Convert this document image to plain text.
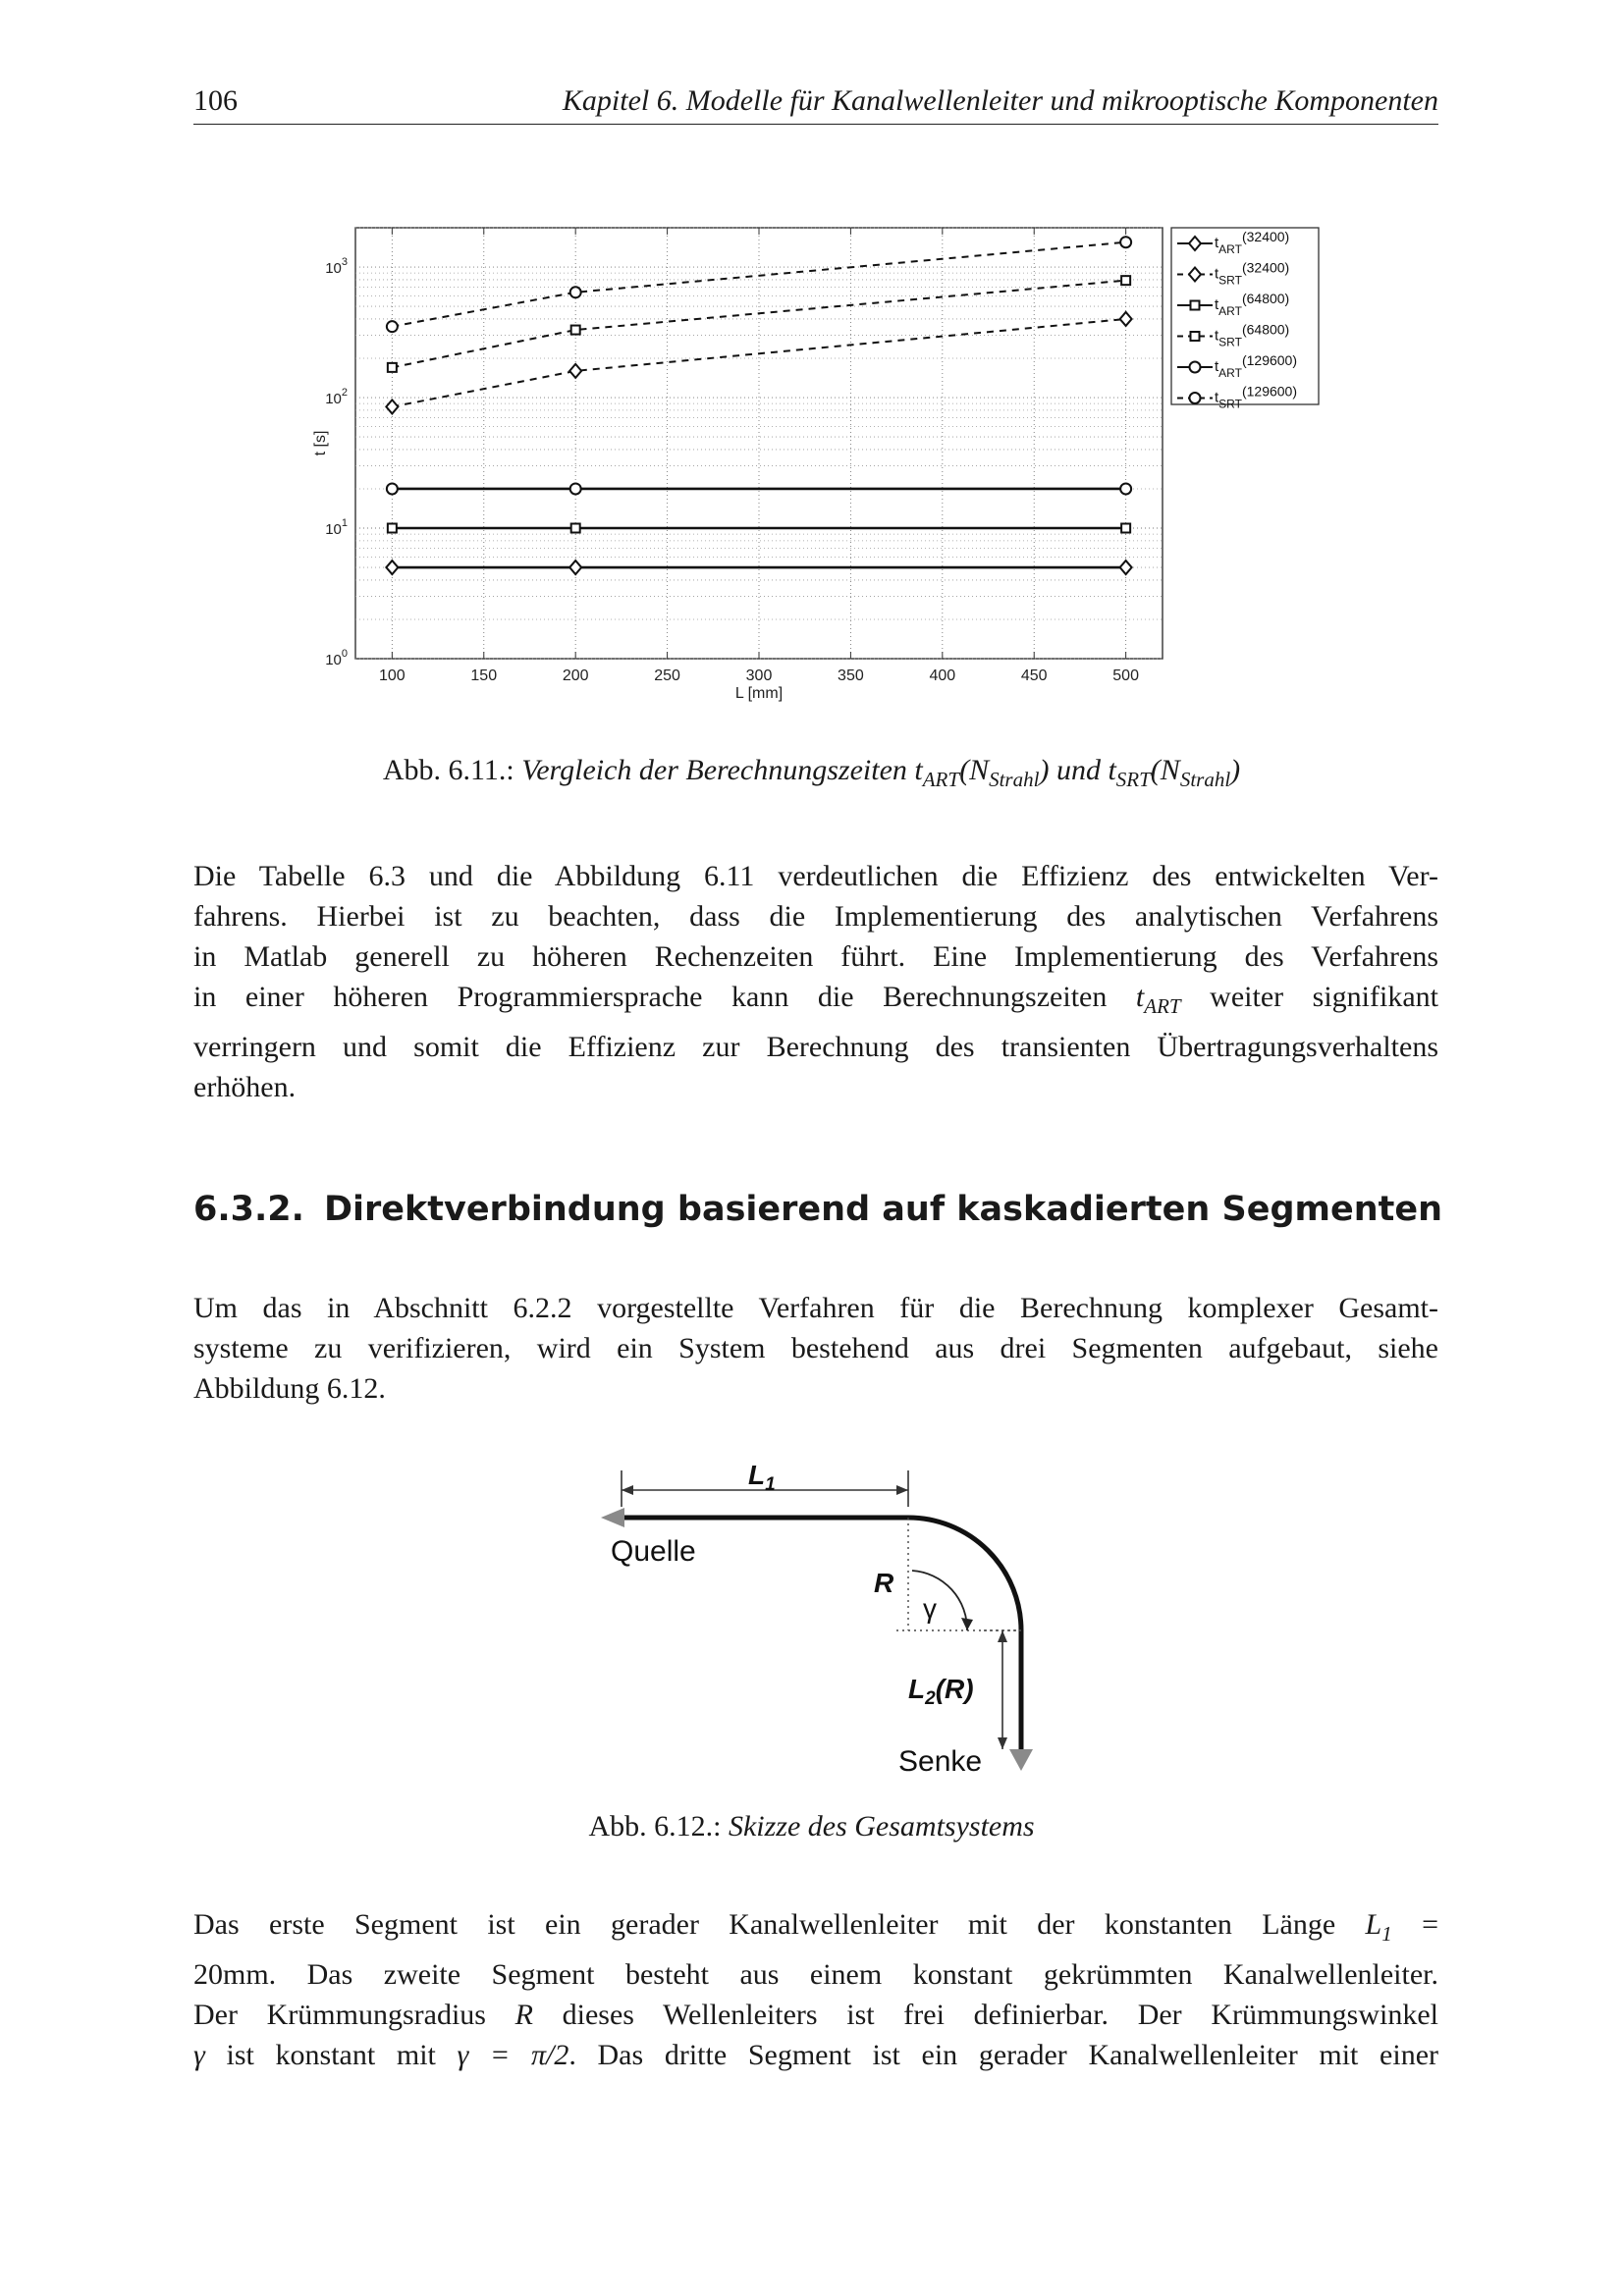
106	Kapitel 6. Modelle für Kanalwellenleiter und mikrooptische Komponenten
$10^0$
$10^1$
$10^2$
$10^3$
100	150	200	250	300	350	400	450	500
L [mm]
t [s]
$t_{ART}(32400)$
$t_{SRT}(32400)$
$t_{ART}(64800)$
$t_{SRT}(64800)$
$t_{ART}(129600)$
$t_{SRT}(129600)$
Abb. 6.11.: Vergleich der Berechnungszeiten $t_{ART}(N_{Strahl})$ und $t_{SRT}(N_{Strahl})$
Die Tabelle 6.3 und die Abbildung 6.11 verdeutlichen die Effizienz des entwickelten Ver-
fahrens. Hierbei ist zu beachten, dass die Implementierung des analytischen Verfahrens
in Matlab generell zu höheren Rechenzeiten führt. Eine Implementierung des Verfahrens
in einer höheren Programmiersprache kann die Berechnungszeiten $t_{ART}$ weiter signifikant
verringern und somit die Effizienz zur Berechnung des transienten Übertragungsverhaltens
erhöhen.
6.3.2. Direktverbindung basierend auf kaskadierten Segmenten
Um das in Abschnitt 6.2.2 vorgestellte Verfahren für die Berechnung komplexer Gesamt-
systeme zu verifizieren, wird ein System bestehend aus drei Segmenten aufgebaut, siehe
Abbildung 6.12.
$L_1$
Quelle
R
γ
$L_2(R)$
Senke
Abb. 6.12.: Skizze des Gesamtsystems
Das erste Segment ist ein gerader Kanalwellenleiter mit der konstanten Länge $L_1$ =
20mm. Das zweite Segment besteht aus einem konstant gekrümmten Kanalwellenleiter.
Der Krümmungsradius R dieses Wellenleiters ist frei definierbar. Der Krümmungswinkel
γ ist konstant mit γ = π/2. Das dritte Segment ist ein gerader Kanalwellenleiter mit einer
